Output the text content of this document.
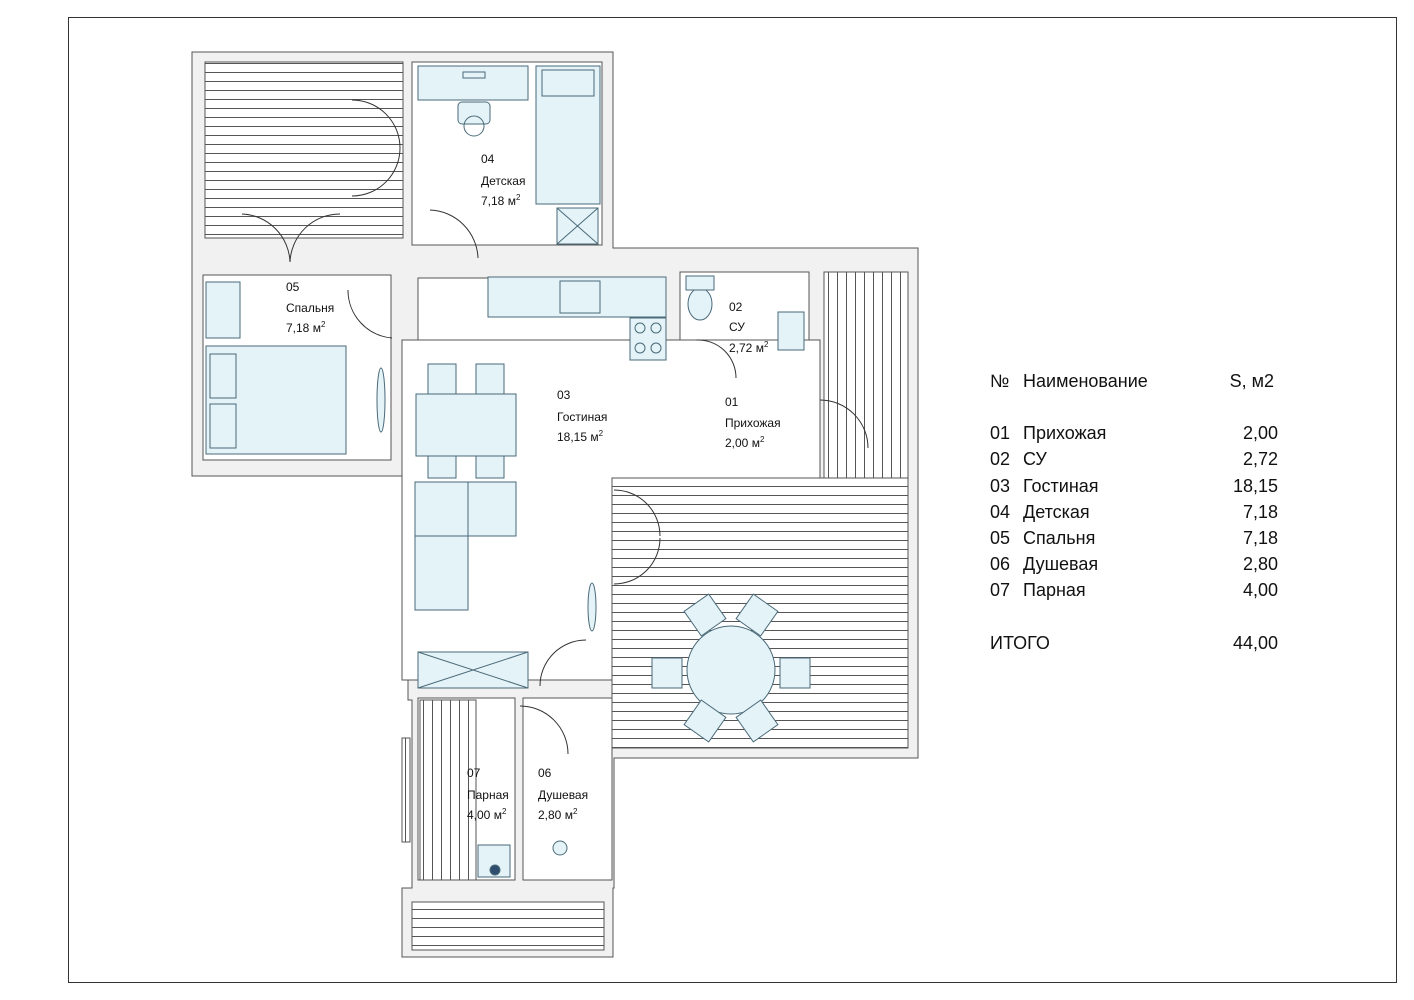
04
Детская
7,18 $м^2$
05
Спальня
7,18 $м^2$
02
СУ
2,72 $м^2$
03
Гостиная
18,15 $м^2$
01
Прихожая
2,00 $м^2$
07
Парная
4,00 $м^2$
06
Душевая
2,80 $м^2$
№ Наименование	S, м2
01 Прихожая	2,00
02 СУ	2,72
03 Гостиная	18,15
04 Детская	7,18
05 Спальня	7,18
06 Душевая	2,80
07 Парная	4,00
ИТОГО	44,00
